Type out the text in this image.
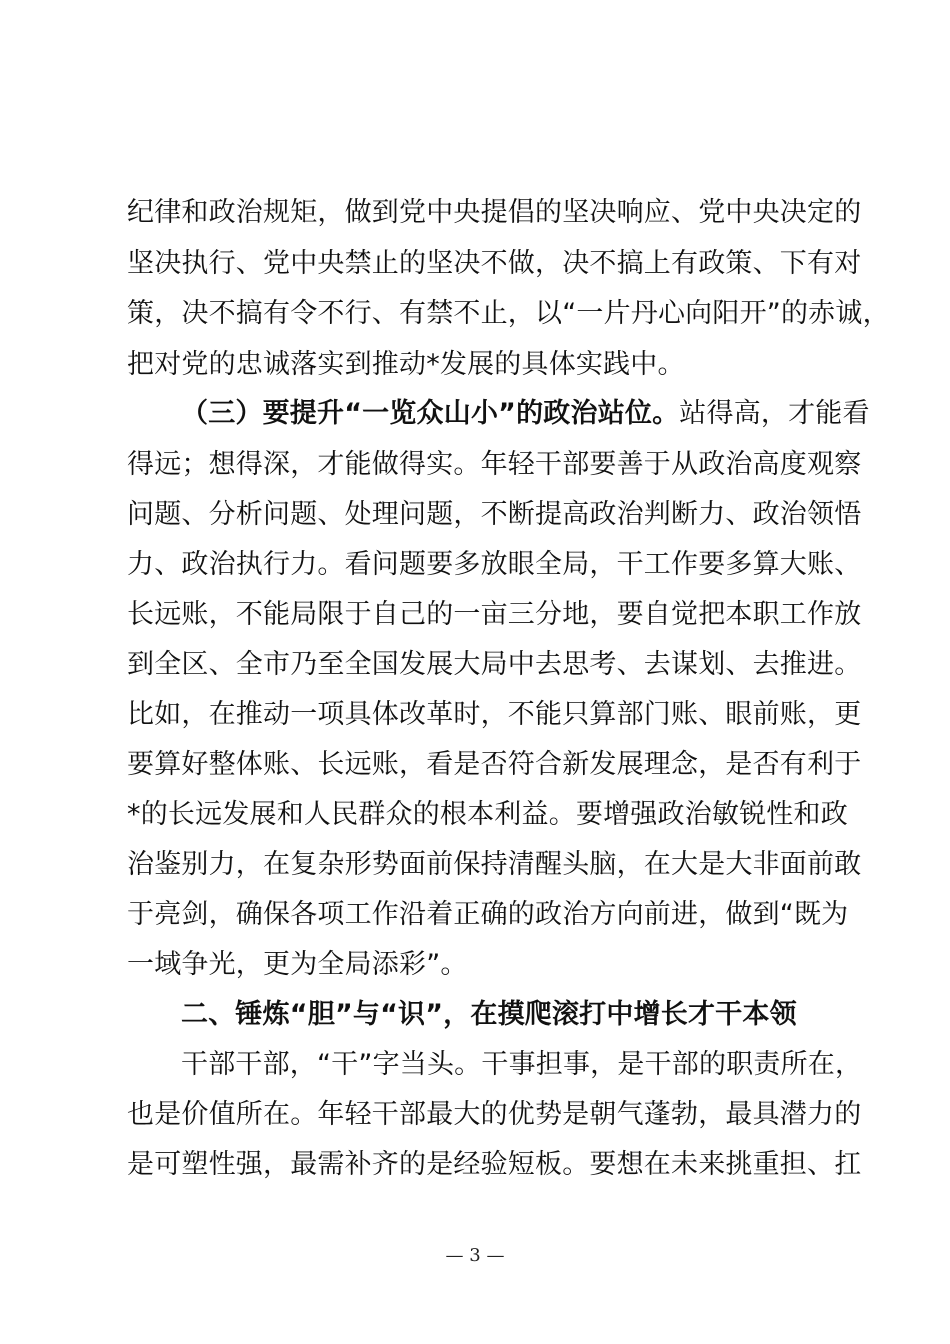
纪律和政治规矩，做到党中央提倡的坚决响应、党中央决定的
坚决执行、党中央禁止的坚决不做，决不搞上有政策、下有对
策，决不搞有令不行、有禁不止，以“一片丹心向阳开”的赤诚，
把对党的忠诚落实到推动*发展的具体实践中。
（三）要提升“一览众山小”的政治站位。站得高，才能看
得远；想得深，才能做得实。年轻干部要善于从政治高度观察
问题、分析问题、处理问题，不断提高政治判断力、政治领悟
力、政治执行力。看问题要多放眼全局，干工作要多算大账、
长远账，不能局限于自己的一亩三分地，要自觉把本职工作放
到全区、全市乃至全国发展大局中去思考、去谋划、去推进。
比如，在推动一项具体改革时，不能只算部门账、眼前账，更
要算好整体账、长远账，看是否符合新发展理念，是否有利于
*的长远发展和人民群众的根本利益。要增强政治敏锐性和政
治鉴别力，在复杂形势面前保持清醒头脑，在大是大非面前敢
于亮剑，确保各项工作沿着正确的政治方向前进，做到“既为
一域争光，更为全局添彩”。
二、锤炼“胆”与“识”，在摸爬滚打中增长才干本领
干部干部，“干”字当头。干事担事，是干部的职责所在，
也是价值所在。年轻干部最大的优势是朝气蓬勃，最具潜力的
是可塑性强，最需补齐的是经验短板。要想在未来挑重担、扛
— 3 —
